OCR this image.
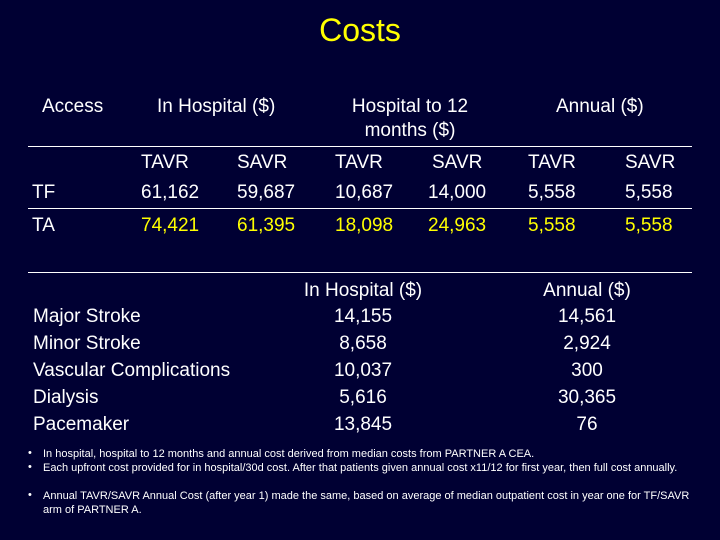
Costs
Access	In Hospital ($)	Hospital to 12
months ($)
Annual ($)
TAVR	SAVR	TAVR	SAVR TAVR	SAVR
TF	61,162 59,687 10,687 14,000 5,558	5,558
TA	74,421 61,395 18,098 24,963 5,558	5,558
In Hospital ($)	Annual ($)
Major Stroke	14,155	14,561
Minor Stroke	8,658	2,924
Vascular Complications	10,037	300
Dialysis	5,616	30,365
Pacemaker	13,845	76
• In hospital, hospital to 12 months and annual cost derived from median costs from PARTNER A CEA.
• Each upfront cost provided for in hospital/30d cost. After that patients given annual cost x11/12 for first year, then full cost annually.
• Annual TAVR/SAVR Annual Cost (after year 1) made the same, based on average of median outpatient cost in year one for TF/SAVR arm of PARTNER A.
